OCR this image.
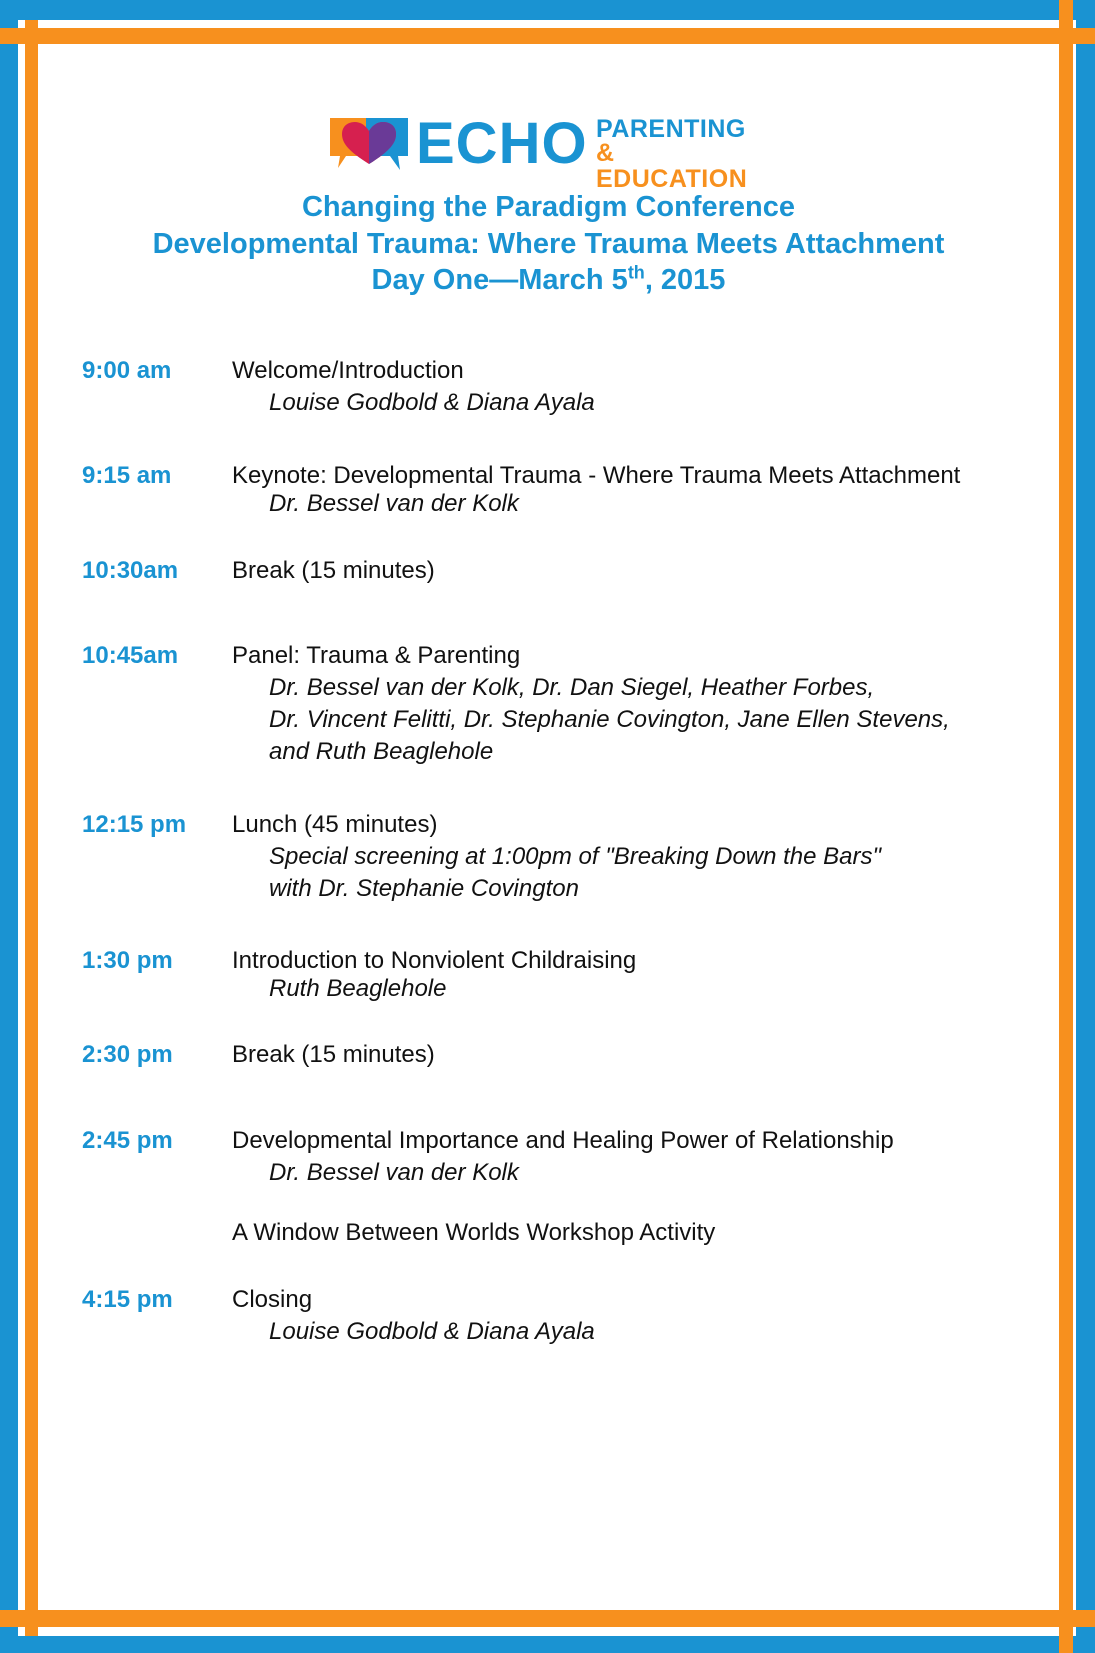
ECHO PARENTING
& EDUCATION
Changing the Paradigm Conference
Developmental Trauma: Where Trauma Meets Attachment
Day One—March 5th, 2015
9:00 am	Welcome/Introduction
Louise Godbold & Diana Ayala
9:15 am	Keynote: Developmental Trauma - Where Trauma Meets Attachment
Dr. Bessel van der Kolk
10:30am Break (15 minutes)
10:45am Panel: Trauma & Parenting
Dr. Bessel van der Kolk, Dr. Dan Siegel, Heather Forbes,
Dr. Vincent Felitti, Dr. Stephanie Covington, Jane Ellen Stevens,
and Ruth Beaglehole
12:15 pm Lunch (45 minutes)
Special screening at 1:00pm of "Breaking Down the Bars"
with Dr. Stephanie Covington
1:30 pm Introduction to Nonviolent Childraising
Ruth Beaglehole
2:30 pm Break (15 minutes)
2:45 pm Developmental Importance and Healing Power of Relationship
Dr. Bessel van der Kolk
A Window Between Worlds Workshop Activity
4:15 pm Closing
Louise Godbold & Diana Ayala
